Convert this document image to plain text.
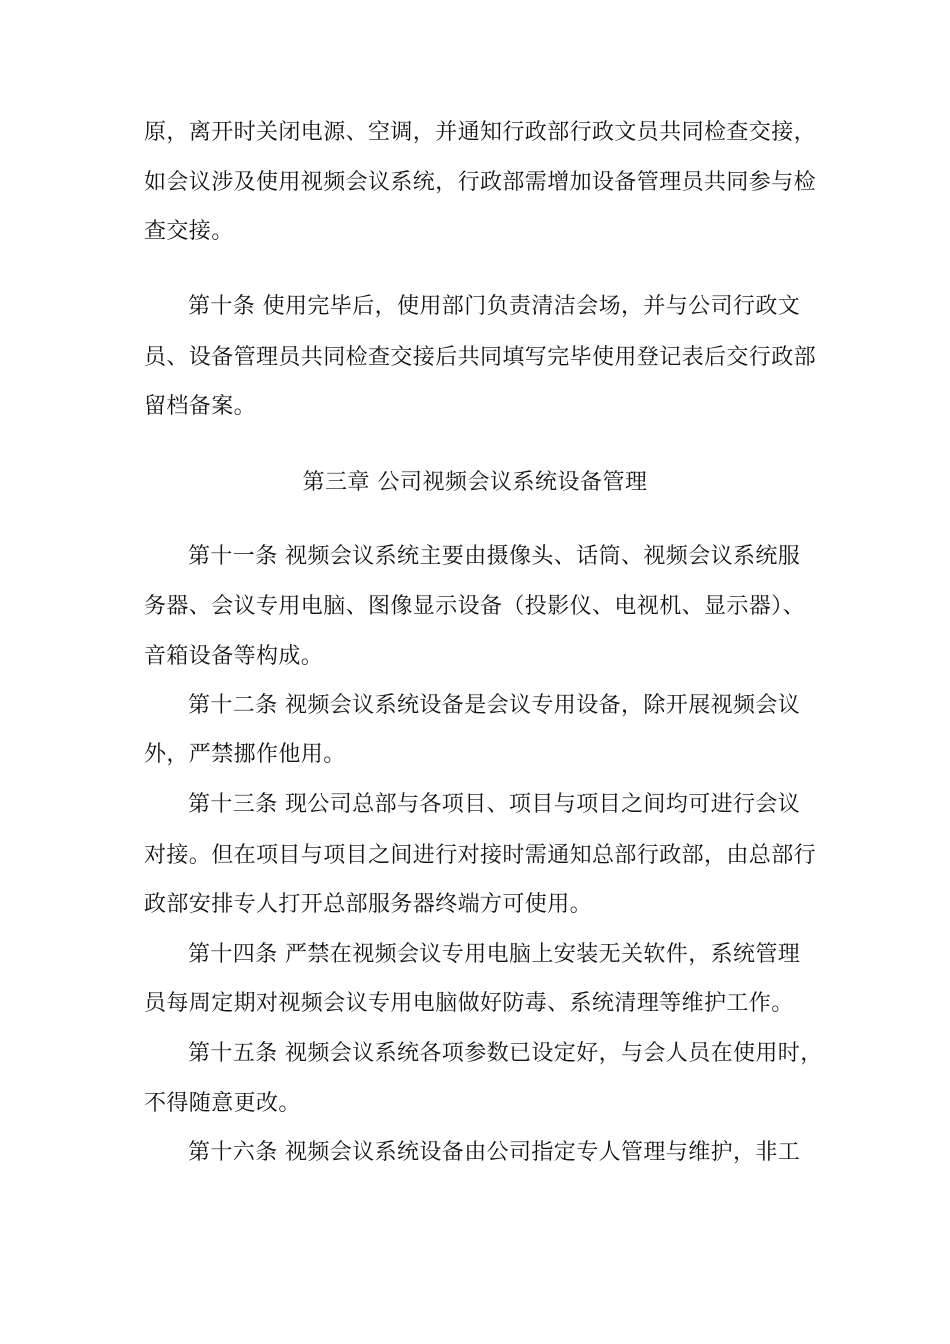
原，离开时关闭电源、空调，并通知行政部行政文员共同检查交接，
如会议涉及使用视频会议系统，行政部需增加设备管理员共同参与检
查交接。
第十条 使用完毕后，使用部门负责清洁会场，并与公司行政文
员、设备管理员共同检查交接后共同填写完毕使用登记表后交行政部
留档备案。
第三章 公司视频会议系统设备管理
第十一条 视频会议系统主要由摄像头、话筒、视频会议系统服
务器、会议专用电脑、图像显示设备（投影仪、电视机、显示器）、
音箱设备等构成。
第十二条 视频会议系统设备是会议专用设备，除开展视频会议
外，严禁挪作他用。
第十三条 现公司总部与各项目、项目与项目之间均可进行会议
对接。但在项目与项目之间进行对接时需通知总部行政部，由总部行
政部安排专人打开总部服务器终端方可使用。
第十四条 严禁在视频会议专用电脑上安装无关软件，系统管理
员每周定期对视频会议专用电脑做好防毒、系统清理等维护工作。
第十五条 视频会议系统各项参数已设定好，与会人员在使用时，
不得随意更改。
第十六条 视频会议系统设备由公司指定专人管理与维护，非工
